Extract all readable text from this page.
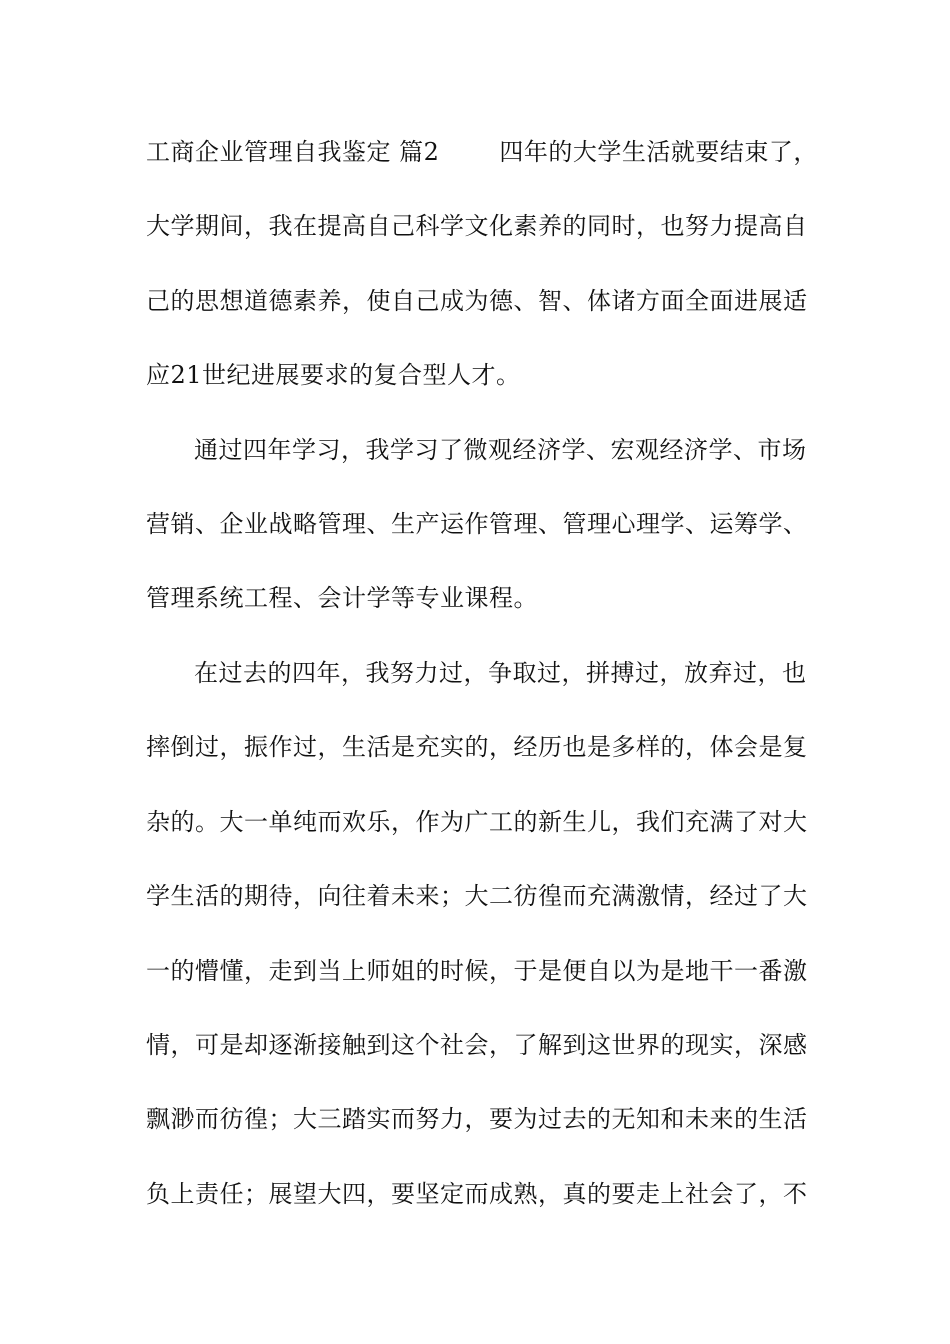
工商企业管理自我鉴定 篇2	四年的大学生活就要结束了，
大学期间，我在提高自己科学文化素养的同时，也努力提高自
己的思想道德素养，使自己成为德、智、体诸方面全面进展适
应21世纪进展要求的复合型人才。
通过四年学习，我学习了微观经济学、宏观经济学、市场
营销、企业战略管理、生产运作管理、管理心理学、运筹学、
管理系统工程、会计学等专业课程。
在过去的四年，我努力过，争取过，拼搏过，放弃过，也
摔倒过，振作过，生活是充实的，经历也是多样的，体会是复
杂的。大一单纯而欢乐，作为广工的新生儿，我们充满了对大
学生活的期待，向往着未来；大二彷徨而充满激情，经过了大
一的懵懂，走到当上师姐的时候，于是便自以为是地干一番激
情，可是却逐渐接触到这个社会，了解到这世界的现实，深感
飘渺而彷徨；大三踏实而努力，要为过去的无知和未来的生活
负上责任；展望大四，要坚定而成熟，真的要走上社会了，不
